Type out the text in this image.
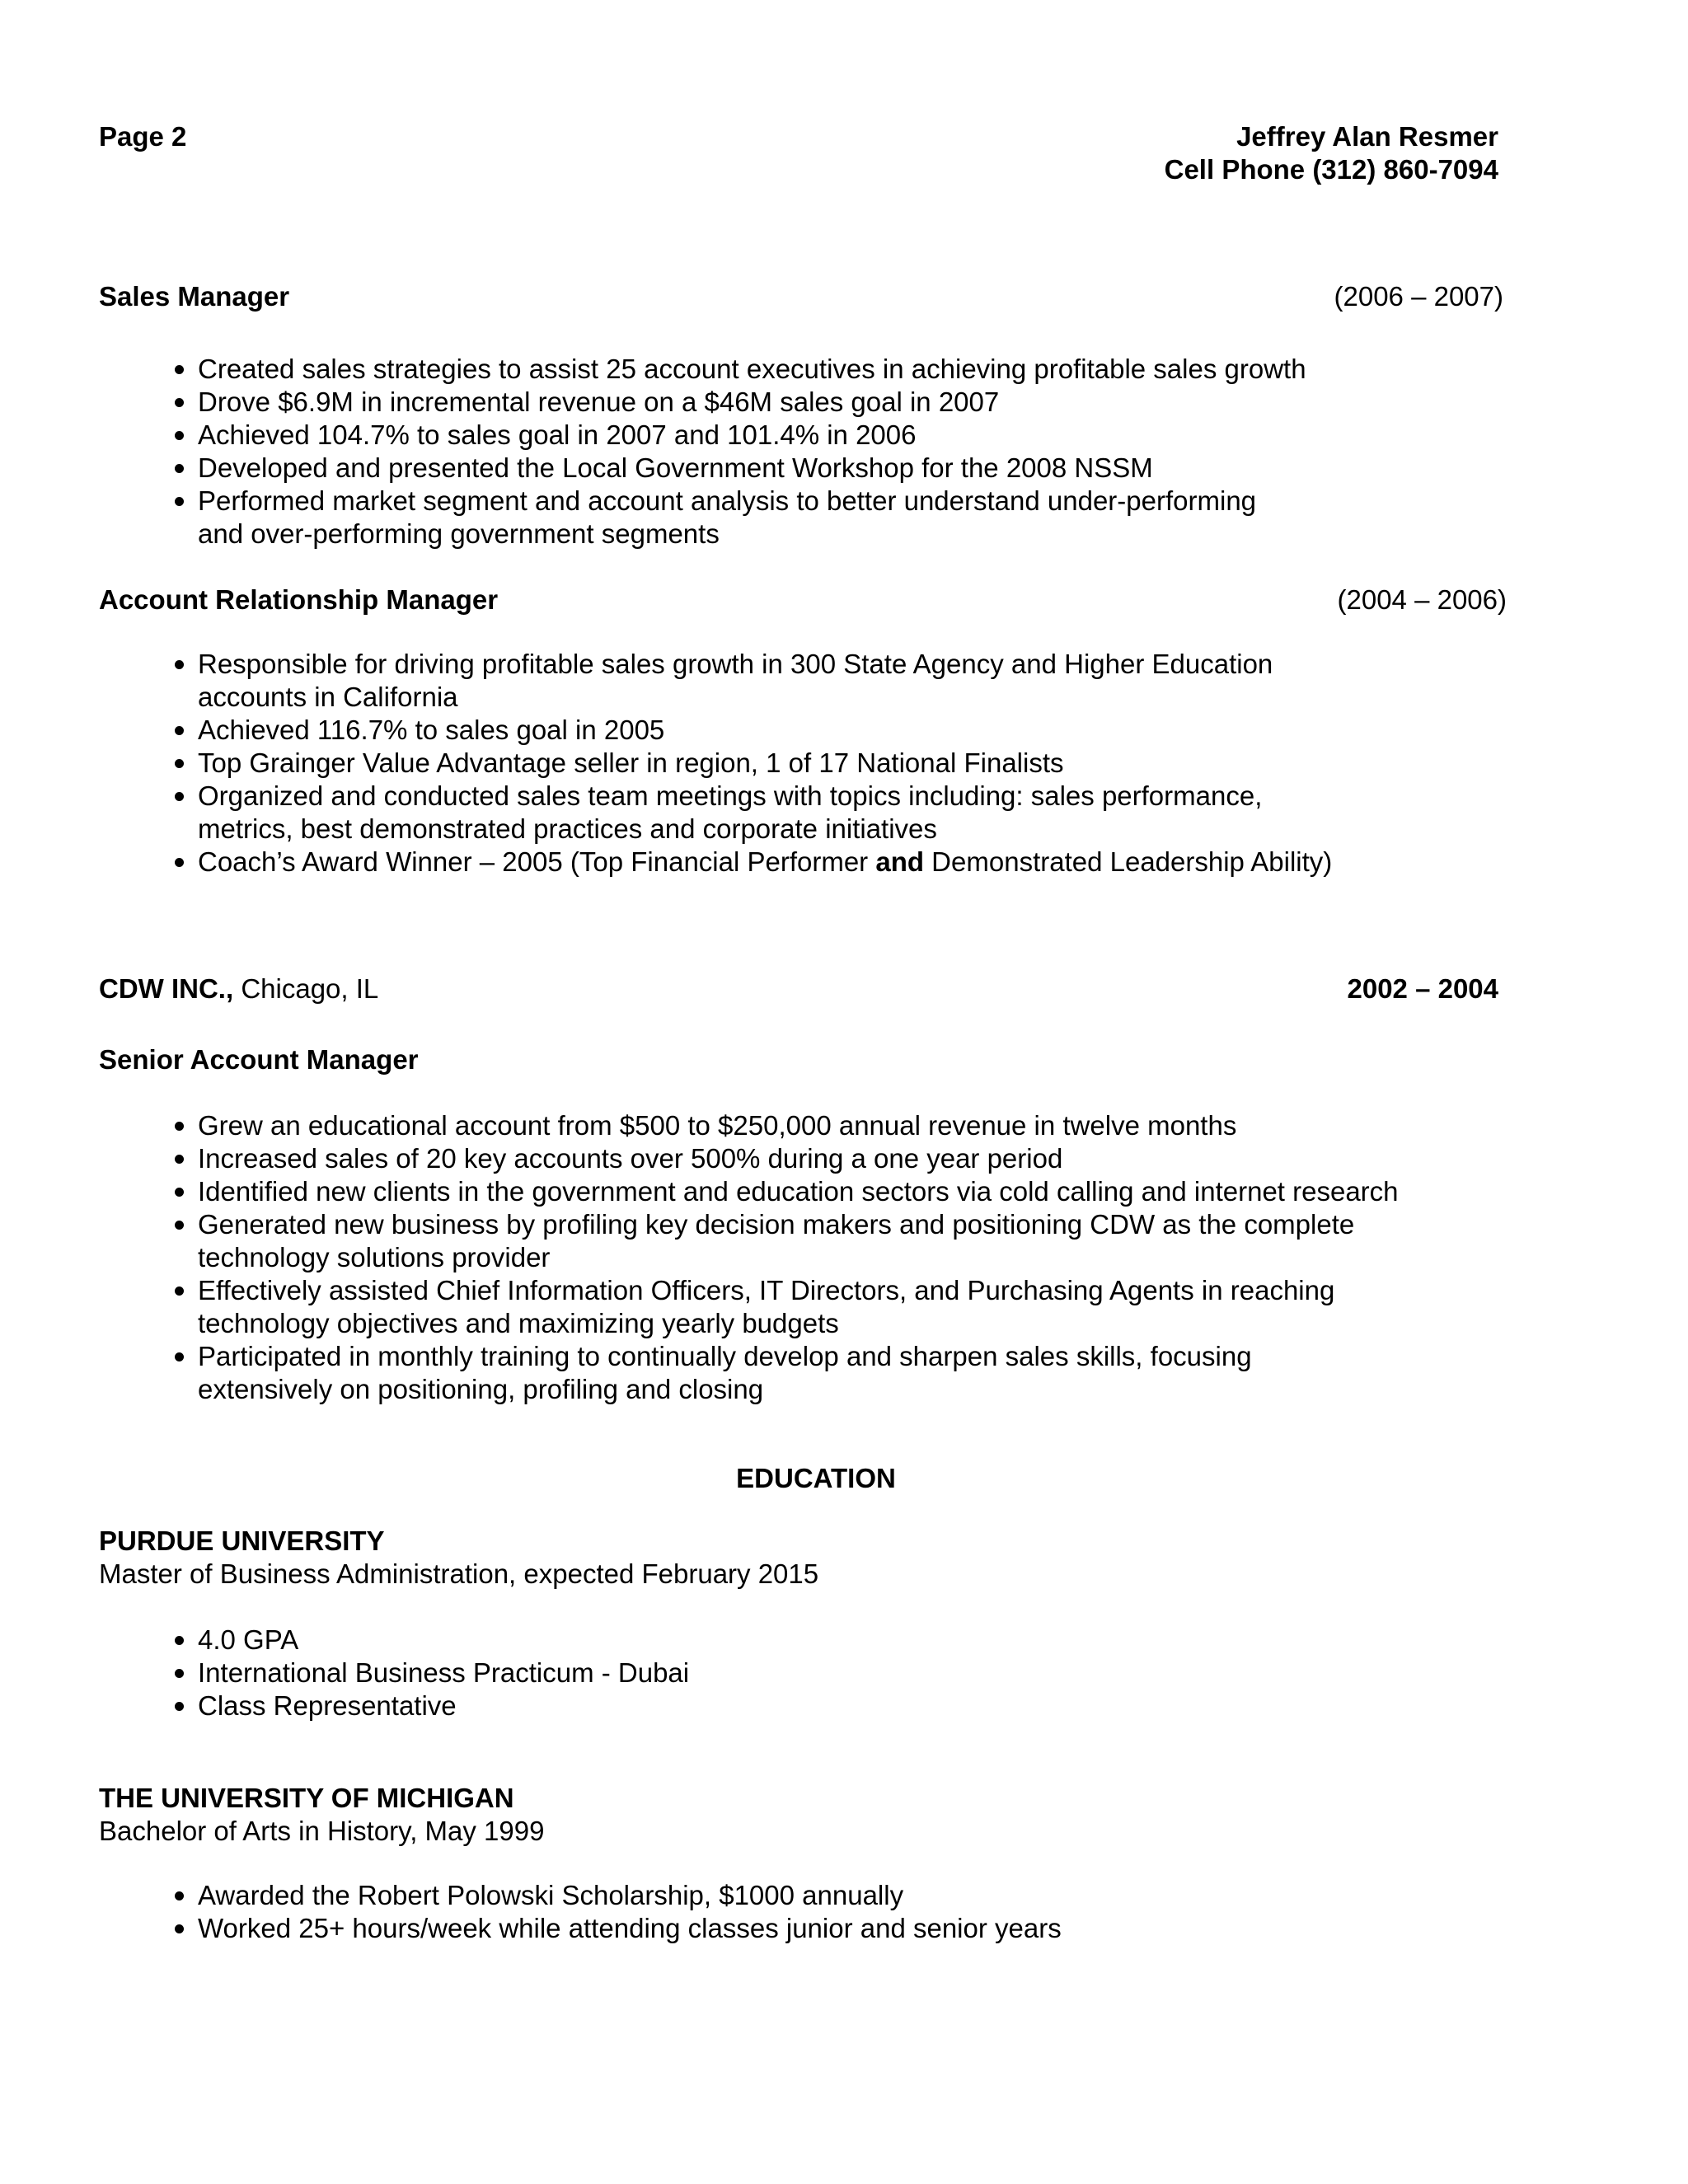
Page 2	Jeffrey Alan Resmer
Cell Phone (312) 860-7094
Sales Manager	(2006 – 2007)
Created sales strategies to assist 25 account executives in achieving profitable sales growth
Drove $6.9M in incremental revenue on a $46M sales goal in 2007
Achieved 104.7% to sales goal in 2007 and 101.4% in 2006
Developed and presented the Local Government Workshop for the 2008 NSSM
Performed market segment and account analysis to better understand under-performing
and over-performing government segments
Account Relationship Manager	(2004 – 2006)
Responsible for driving profitable sales growth in 300 State Agency and Higher Education
accounts in California
Achieved 116.7% to sales goal in 2005
Top Grainger Value Advantage seller in region, 1 of 17 National Finalists
Organized and conducted sales team meetings with topics including: sales performance,
metrics, best demonstrated practices and corporate initiatives
Coach’s Award Winner – 2005 (Top Financial Performer and Demonstrated Leadership Ability)
CDW INC., Chicago, IL	2002 – 2004
Senior Account Manager
Grew an educational account from $500 to $250,000 annual revenue in twelve months
Increased sales of 20 key accounts over 500% during a one year period
Identified new clients in the government and education sectors via cold calling and internet research
Generated new business by profiling key decision makers and positioning CDW as the complete
technology solutions provider
Effectively assisted Chief Information Officers, IT Directors, and Purchasing Agents in reaching
technology objectives and maximizing yearly budgets
Participated in monthly training to continually develop and sharpen sales skills, focusing
extensively on positioning, profiling and closing
EDUCATION
PURDUE UNIVERSITY
Master of Business Administration, expected February 2015
4.0 GPA
International Business Practicum - Dubai
Class Representative
THE UNIVERSITY OF MICHIGAN
Bachelor of Arts in History, May 1999
Awarded the Robert Polowski Scholarship, $1000 annually
Worked 25+ hours/week while attending classes junior and senior years
